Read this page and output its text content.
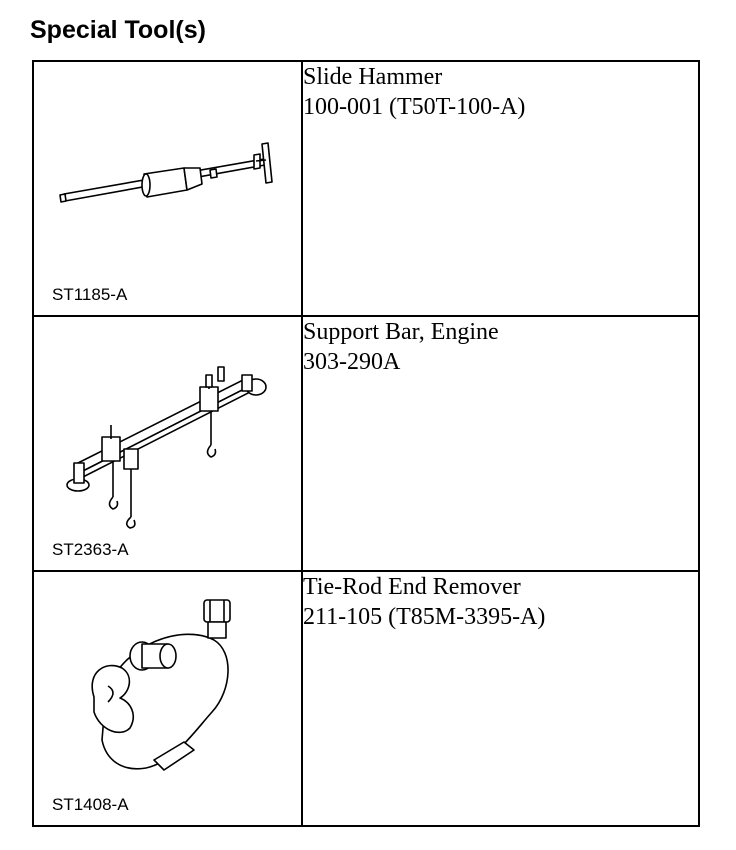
Special Tool(s)
ST1185-A	Slide Hammer
100-001 (T50T-100-A)

ST2363-A	Support Bar, Engine
303-290A

ST1408-A	Tie-Rod End Remover
211-105 (T85M-3395-A)
